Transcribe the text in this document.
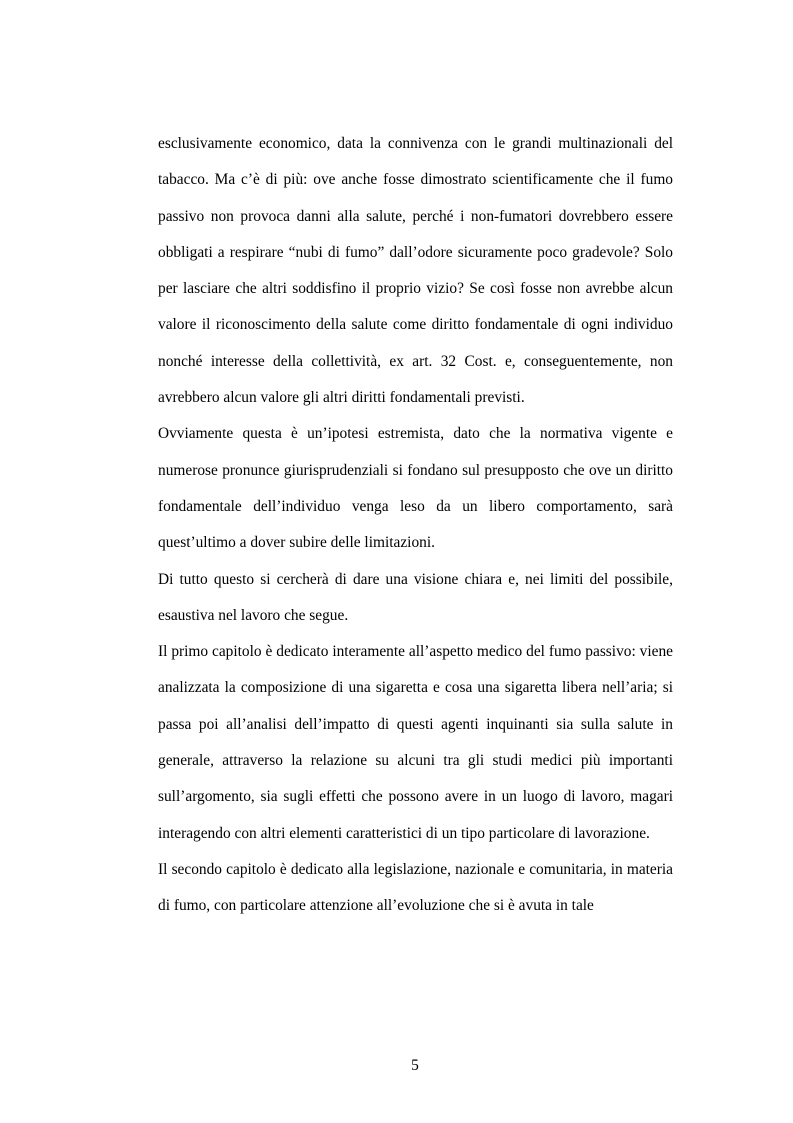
esclusivamente economico, data la connivenza con le grandi multinazionali del tabacco. Ma c’è di più: ove anche fosse dimostrato scientificamente che il fumo passivo non provoca danni alla salute, perché i non-fumatori dovrebbero essere obbligati a respirare “nubi di fumo” dall’odore sicuramente poco gradevole? Solo per lasciare che altri soddisfino il proprio vizio? Se così fosse non avrebbe alcun valore il riconoscimento della salute come diritto fondamentale di ogni individuo nonché interesse della collettività, ex art. 32 Cost. e, conseguentemente, non avrebbero alcun valore gli altri diritti fondamentali previsti.

Ovviamente questa è un’ipotesi estremista, dato che la normativa vigente e numerose pronunce giurisprudenziali si fondano sul presupposto che ove un diritto fondamentale dell’individuo venga leso da un libero comportamento, sarà quest’ultimo a dover subire delle limitazioni.

Di tutto questo si cercherà di dare una visione chiara e, nei limiti del possibile, esaustiva nel lavoro che segue.

Il primo capitolo è dedicato interamente all’aspetto medico del fumo passivo: viene analizzata la composizione di una sigaretta e cosa una sigaretta libera nell’aria; si passa poi all’analisi dell’impatto di questi agenti inquinanti sia sulla salute in generale, attraverso la relazione su alcuni tra gli studi medici più importanti sull’argomento, sia sugli effetti che possono avere in un luogo di lavoro, magari interagendo con altri elementi caratteristici di un tipo particolare di lavorazione.

Il secondo capitolo è dedicato alla legislazione, nazionale e comunitaria, in materia di fumo, con particolare attenzione all’evoluzione che si è avuta in tale

5
